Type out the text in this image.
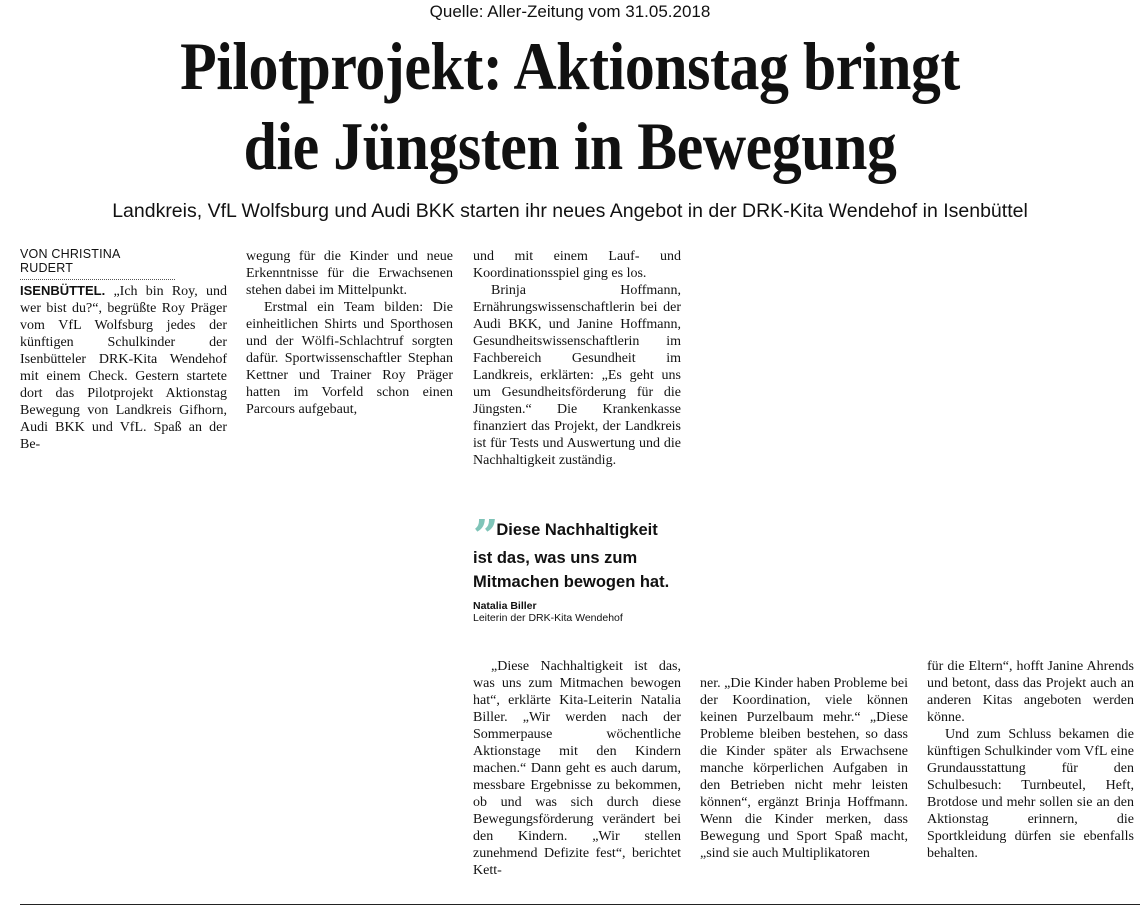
Quelle: Aller-Zeitung vom 31.05.2018
Pilotprojekt: Aktionstag bringt
die Jüngsten in Bewegung
Landkreis, VfL Wolfsburg und Audi BKK starten ihr neues Angebot in der DRK-Kita Wendehof in Isenbüttel
VON CHRISTINA RUDERT

ISENBÜTTEL. „Ich bin Roy, und wer bist du?“, begrüßte Roy Präger vom VfL Wolfsburg jedes der künftigen Schulkinder der Isenbütteler DRK-Kita Wendehof mit einem Check. Gestern startete dort das Pilotprojekt Aktionstag Bewegung von Landkreis Gifhorn, Audi BKK und VfL. Spaß an der Be-

wegung für die Kinder und neue Erkenntnisse für die Erwachsenen stehen dabei im Mittelpunkt.

Erstmal ein Team bilden: Die einheitlichen Shirts und Sporthosen und der Wölfi-Schlachtruf sorgten dafür. Sportwissenschaftler Stephan Kettner und Trainer Roy Präger hatten im Vorfeld schon einen Parcours aufgebaut,

und mit einem Lauf- und Koordinationsspiel ging es los.

Brinja Hoffmann, Ernährungswissenschaftlerin bei der Audi BKK, und Janine Hoffmann, Gesundheitswissenschaftlerin im Fachbereich Gesundheit im Landkreis, erklärten: „Es geht uns um Gesundheitsförderung für die Jüngsten.“ Die Krankenkasse finanziert das Projekt, der Landkreis ist für Tests und Auswertung und die Nachhaltigkeit zuständig.

” Diese Nachhaltigkeit ist das, was uns zum Mitmachen bewogen hat.
Natalia Biller
Leiterin der DRK-Kita Wendehof

„Diese Nachhaltigkeit ist das, was uns zum Mitmachen bewogen hat“, erklärte Kita-Leiterin Natalia Biller. „Wir werden nach der Sommerpause wöchentliche Aktionstage mit den Kindern machen.“ Dann geht es auch darum, messbare Ergebnisse zu bekommen, ob und was sich durch diese Bewegungsförderung verändert bei den Kindern. „Wir stellen zunehmend Defizite fest“, berichtet Kett-

ner. „Die Kinder haben Probleme bei der Koordination, viele können keinen Purzelbaum mehr.“ „Diese Probleme bleiben bestehen, so dass die Kinder später als Erwachsene manche körperlichen Aufgaben in den Betrieben nicht mehr leisten können“, ergänzt Brinja Hoffmann. Wenn die Kinder merken, dass Bewegung und Sport Spaß macht, „sind sie auch Multiplikatoren

für die Eltern“, hofft Janine Ahrends und betont, dass das Projekt auch an anderen Kitas angeboten werden könne.

Und zum Schluss bekamen die künftigen Schulkinder vom VfL eine Grundausstattung für den Schulbesuch: Turnbeutel, Heft, Brotdose und mehr sollen sie an den Aktionstag erinnern, die Sportkleidung dürfen sie ebenfalls behalten.
